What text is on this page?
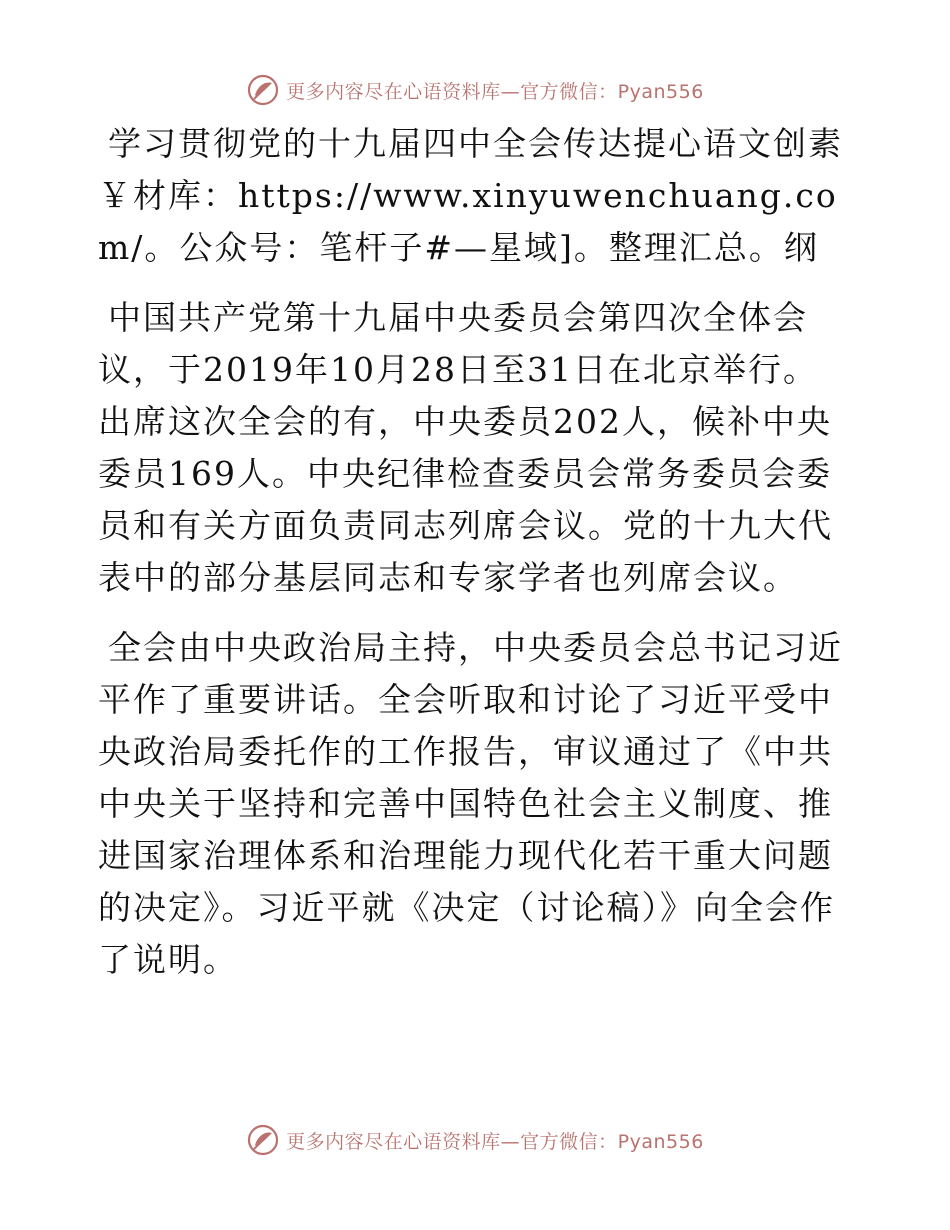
更多内容尽在心语资料库—官方微信：Pyan556

学习贯彻党的十九届四中全会传达提心语文创素￥材库：https://www.xinyuwenchuang.com/。公众号：笔杆子#—星域]。整理汇总。纲

中国共产党第十九届中央委员会第四次全体会议，于2019年10月28日至31日在北京举行。出席这次全会的有，中央委员202人，候补中央委员169人。中央纪律检查委员会常务委员会委员和有关方面负责同志列席会议。党的十九大代表中的部分基层同志和专家学者也列席会议。

全会由中央政治局主持，中央委员会总书记习近平作了重要讲话。全会听取和讨论了习近平受中央政治局委托作的工作报告，审议通过了《中共中央关于坚持和完善中国特色社会主义制度、推进国家治理体系和治理能力现代化若干重大问题的决定》。习近平就《决定（讨论稿）》向全会作了说明。

更多内容尽在心语资料库—官方微信：Pyan556
